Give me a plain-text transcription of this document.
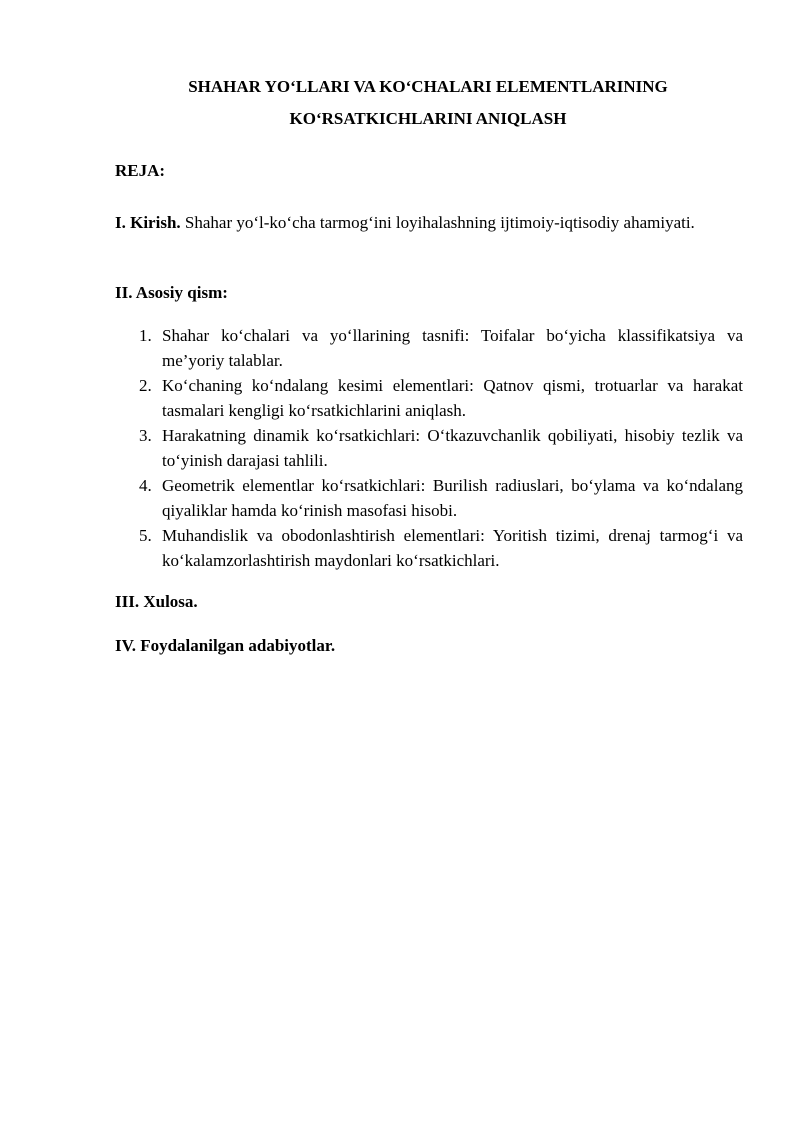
SHAHAR YO‘LLARI VA KO‘CHALARI ELEMENTLARINING
KO‘RSATKICHLARINI ANIQLASH
REJA:

I. Kirish. Shahar yo‘l-ko‘cha tarmog‘ini loyihalashning ijtimoiy-iqtisodiy ahamiyati.

II. Asosiy qism:
1. Shahar ko‘chalari va yo‘llarining tasnifi: Toifalar bo‘yicha klassifikatsiya va me’yoriy talablar.
2. Ko‘chaning ko‘ndalang kesimi elementlari: Qatnov qismi, trotuarlar va harakat tasmalari kengligi ko‘rsatkichlarini aniqlash.
3. Harakatning dinamik ko‘rsatkichlari: O‘tkazuvchanlik qobiliyati, hisobiy tezlik va to‘yinish darajasi tahlili.
4. Geometrik elementlar ko‘rsatkichlari: Burilish radiuslari, bo‘ylama va ko‘ndalang qiyaliklar hamda ko‘rinish masofasi hisobi.
5. Muhandislik va obodonlashtirish elementlari: Yoritish tizimi, drenaj tarmog‘i va ko‘kalamzorlashtirish maydonlari ko‘rsatkichlari.
III. Xulosa.
IV. Foydalanilgan adabiyotlar.
